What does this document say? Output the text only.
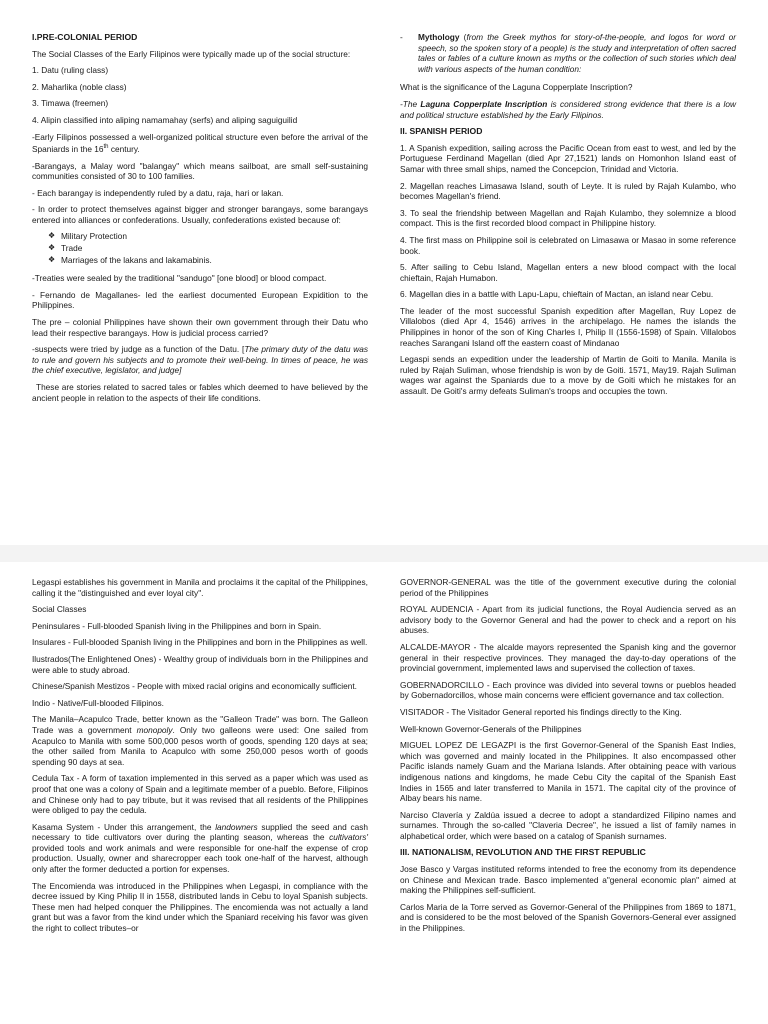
I.PRE-COLONIAL PERIOD

The Social Classes of the Early Filipinos were typically made up of the social structure:

1. Datu (ruling class)

2. Maharlika (noble class)

3. Timawa (freemen)

4. Alipin classified into aliping namamahay (serfs) and aliping saguiguilid

-Early Filipinos possessed a well-organized political structure even before the arrival of the Spaniards in the 16th century.

-Barangays, a Malay word "balangay" which means sailboat, are small self-sustaining communities consisted of 30 to 100 families.

- Each barangay is independently ruled by a datu, raja, hari or lakan.

- In order to protect themselves against bigger and stronger barangays, some barangays entered into alliances or confederations. Usually, confederations existed because of:

❖ Military Protection
❖ Trade
❖ Marriages of the lakans and lakamabinis.

-Treaties were sealed by the traditional "sandugo" [one blood] or blood compact.

- Fernando de Magallanes- led the earliest documented European Expidition to the Philippines.

The pre – colonial Philippines have shown their own government through their Datu who lead their respective barangays. How is judicial process carried?

-suspects were tried by judge as a function of the Datu. [The primary duty of the datu was to rule and govern his subjects and to promote their well-being. In times of peace, he was the chief executive, legislator, and judge]

These are stories related to sacred tales or fables which deemed to have believed by the ancient people in relation to the aspects of their life conditions.

-	Mythology (from the Greek mythos for story-of-the-people, and logos for word or speech, so the spoken story of a people) is the study and interpretation of often sacred tales or fables of a culture known as myths or the collection of such stories which deal with various aspects of the human condition:

What is the significance of the Laguna Copperplate Inscription?

-The Laguna Copperplate Inscription is considered strong evidence that there is a low and political structure established by the Early Filipinos.

II. SPANISH PERIOD

1. A Spanish expedition, sailing across the Pacific Ocean from east to west, and led by the Portuguese Ferdinand Magellan (died Apr 27,1521) lands on Homonhon Island east of Samar with three small ships, named the Concepcion, Trinidad and Victoria.

2. Magellan reaches Limasawa Island, south of Leyte. It is ruled by Rajah Kulambo, who becomes Magellan's friend.

3. To seal the friendship between Magellan and Rajah Kulambo, they solemnize a blood compact. This is the first recorded blood compact in Philippine history.

4. The first mass on Philippine soil is celebrated on Limasawa or Masao in some reference book.

5. After sailing to Cebu Island, Magellan enters a new blood compact with the local chieftain, Rajah Humabon.

6. Magellan dies in a battle with Lapu-Lapu, chieftain of Mactan, an island near Cebu.

The leader of the most successful Spanish expedition after Magellan, Ruy Lopez de Villalobos (died Apr 4, 1546) arrives in the archipelago. He names the islands the Philippines in honor of the son of King Charles I, Philip II (1556-1598) of Spain. Villalobos reaches Sarangani Island off the eastern coast of Mindanao

Legaspi sends an expedition under the leadership of Martin de Goiti to Manila. Manila is ruled by Rajah Suliman, whose friendship is won by de Goiti. 1571, May19. Rajah Suliman wages war against the Spaniards due to a move by de Goiti which he mistakes for an assault. De Goiti's army defeats Suliman's troops and occupies the town.

Legaspi establishes his government in Manila and proclaims it the capital of the Philippines, calling it the "distinguished and ever loyal city".

Social Classes

Peninsulares - Full-blooded Spanish living in the Philippines and born in Spain.

Insulares - Full-blooded Spanish living in the Philippines and born in the Philippines as well.

Ilustrados(The Enlightened Ones) - Wealthy group of individuals born in the Philippines and were able to study abroad.

Chinese/Spanish Mestizos - People with mixed racial origins and economically sufficient.

Indio - Native/Full-blooded Filipinos.

The Manila–Acapulco Trade, better known as the "Galleon Trade" was born. The Galleon Trade was a government monopoly. Only two galleons were used: One sailed from Acapulco to Manila with some 500,000 pesos worth of goods, spending 120 days at sea; the other sailed from Manila to Acapulco with some 250,000 pesos worth of goods spending 90 days at sea.

Cedula Tax - A form of taxation implemented in this served as a paper which was used as proof that one was a colony of Spain and a legitimate member of a pueblo. Before, Filipinos and Chinese only had to pay tribute, but it was revised that all residents of the Philippines were obliged to pay the cedula.

Kasama System - Under this arrangement, the landowners supplied the seed and cash necessary to tide cultivators over during the planting season, whereas the cultivators' provided tools and work animals and were responsible for one-half the expense of crop production. Usually, owner and sharecropper each took one-half of the harvest, although only after the former deducted a portion for expenses.

The Encomienda was introduced in the Philippines when Legaspi, in compliance with the decree issued by King Philip II in 1558, distributed lands in Cebu to loyal Spanish subjects. These men had helped conquer the Philippines. The encomienda was not actually a land grant but was a favor from the kind under which the Spaniard receiving his favor was given the right to collect tributes–or

GOVERNOR-GENERAL was the title of the government executive during the colonial period of the Philippines

ROYAL AUDENCIA - Apart from its judicial functions, the Royal Audiencia served as an advisory body to the Governor General and had the power to check and a report on his abuses.

ALCALDE-MAYOR - The alcalde mayors represented the Spanish king and the governor general in their respective provinces. They managed the day-to-day operations of the provincial government, implemented laws and supervised the collection of taxes.

GOBERNADORCILLO - Each province was divided into several towns or pueblos headed by Gobernadorcillos, whose main concerns were efficient governance and tax collection.

VISITADOR - The Visitador General reported his findings directly to the King.

Well-known Governor-Generals of the Philippines

MIGUEL LOPEZ DE LEGAZPI is the first Governor-General of the Spanish East Indies, which was governed and mainly located in the Philippines. It also encompassed other Pacific islands namely Guam and the Mariana Islands. After obtaining peace with various indigenous nations and kingdoms, he made Cebu City the capital of the Spanish East Indies in 1565 and later transferred to Manila in 1571. The capital city of the province of Albay bears his name.

Narciso Clavería y Zaldúa issued a decree to adopt a standardized Filipino names and surnames. Through the so-called "Claveria Decree", he issued a list of family names in alphabetical order, which were based on a catalog of Spanish surnames.

III. NATIONALISM, REVOLUTION AND THE FIRST REPUBLIC

Jose Basco y Vargas instituted reforms intended to free the economy from its dependence on Chinese and Mexican trade. Basco implemented a"general economic plan" aimed at making the Philippines self-sufficient.

Carlos Maria de la Torre served as Governor-General of the Philippines from 1869 to 1871, and is considered to be the most beloved of the Spanish Governors-General ever assigned in the Philippines.
